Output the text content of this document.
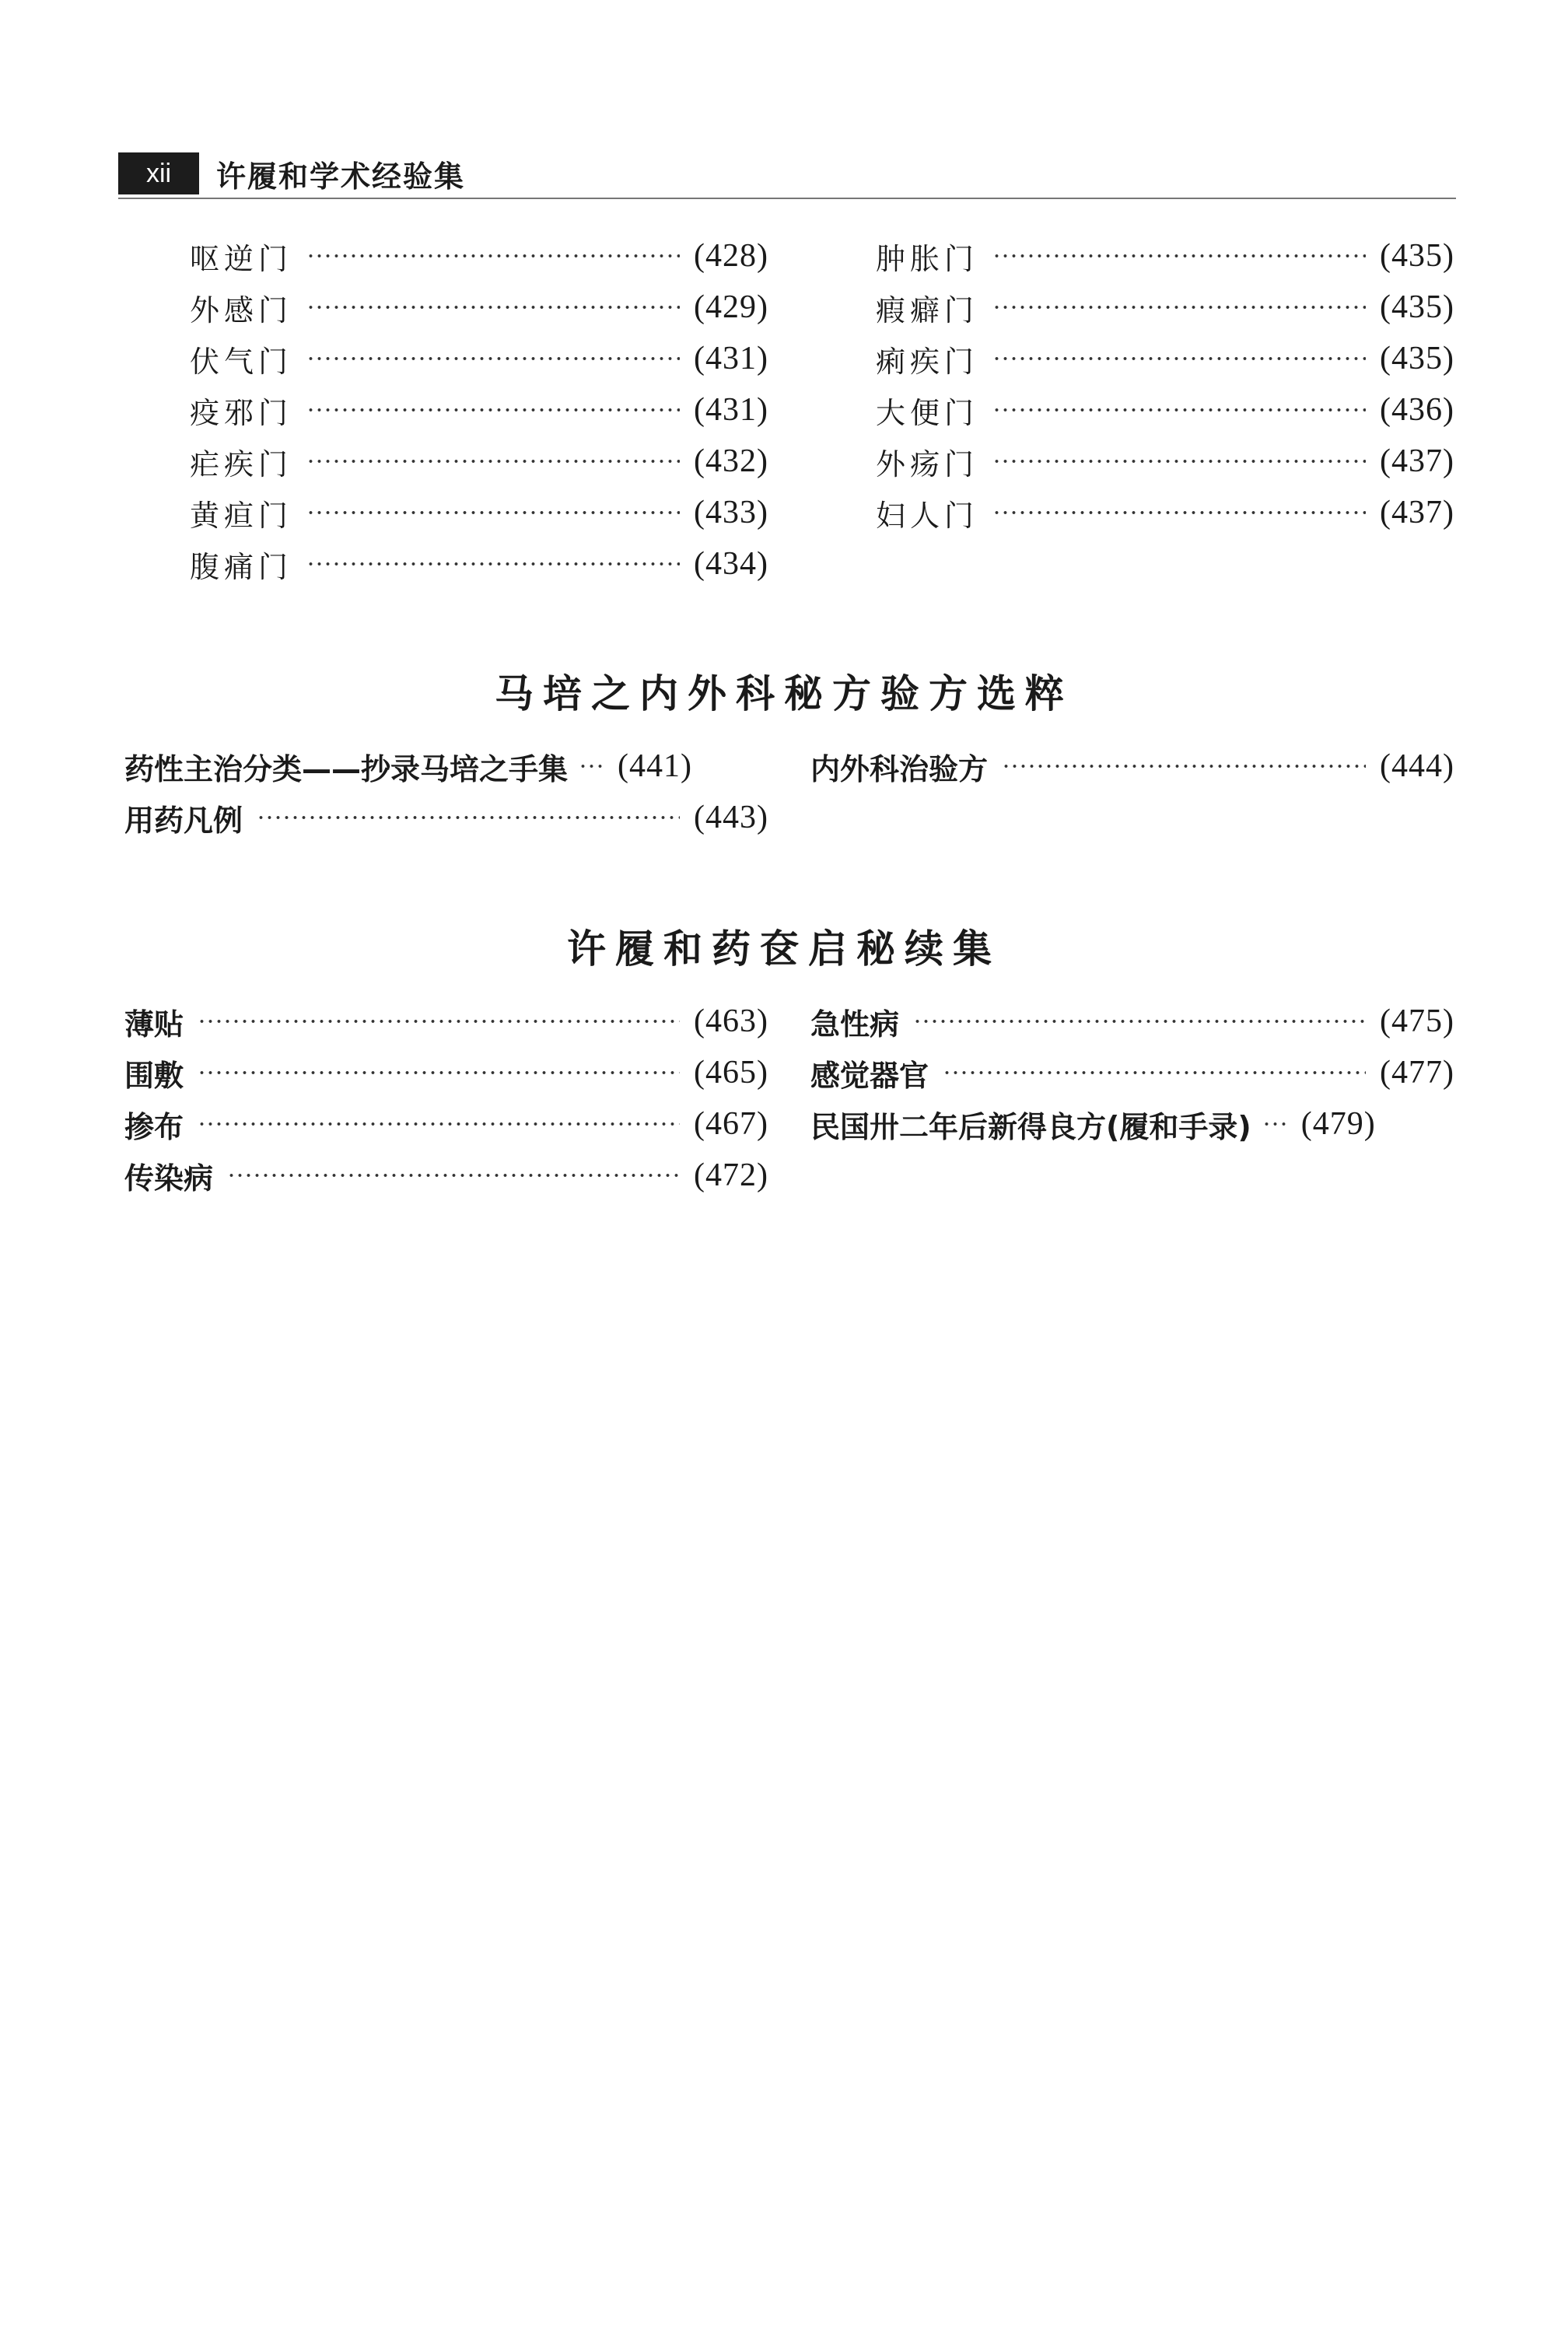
xii	许履和学术经验集
呕逆门	(428)
外感门	(429)
伏气门	(431)
疫邪门	(431)
疟疾门	(432)
黄疸门	(433)
腹痛门	(434)
肿胀门	(435)
瘕癖门	(435)
痢疾门	(435)
大便门	(436)
外疡门	(437)
妇人门	(437)
马培之内外科秘方验方选粹
药性主治分类——抄录马培之手集 (441)
用药凡例	(443)
内外科治验方	(444)
许履和药奁启秘续集
薄贴	(463)
围敷	(465)
掺布	(467)
传染病	(472)
急性病	(475)
感觉器官	(477)
民国卅二年后新得良方(履和手录) (479)
